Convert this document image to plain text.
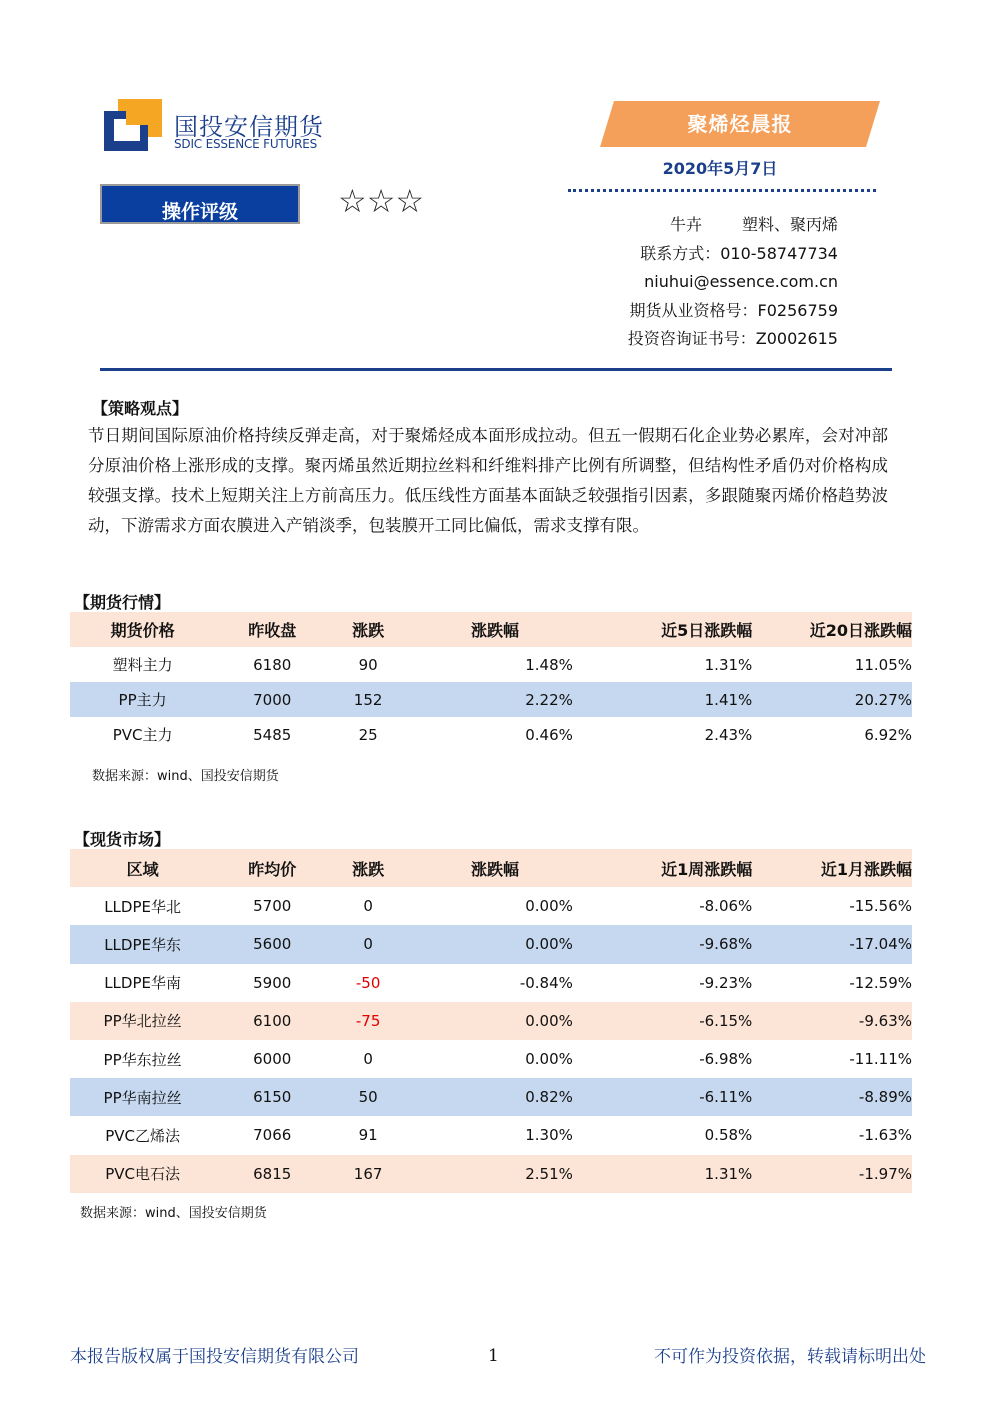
国投安信期货
SDIC ESSENCE FUTURES
聚烯烃晨报
2020年5月7日
操作评级	☆☆☆
牛卉	塑料、聚丙烯
联系方式：010-58747734
niuhui@essence.com.cn
期货从业资格号：F0256759
投资咨询证书号：Z0002615
【策略观点】
节日期间国际原油价格持续反弹走高，对于聚烯烃成本面形成拉动。但五一假期石化企业势必累库，会对冲部分原油价格上涨形成的支撑。聚丙烯虽然近期拉丝料和纤维料排产比例有所调整，但结构性矛盾仍对价格构成较强支撑。技术上短期关注上方前高压力。低压线性方面基本面缺乏较强指引因素，多跟随聚丙烯价格趋势波动，下游需求方面农膜进入产销淡季，包装膜开工同比偏低，需求支撑有限。
【期货行情】
期货价格	昨收盘	涨跌	涨跌幅	近5日涨跌幅	近20日涨跌幅
塑料主力	6180	90	1.48%	1.31%	11.05%
PP主力	7000	152	2.22%	1.41%	20.27%
PVC主力	5485	25	0.46%	2.43%	6.92%
数据来源：wind、国投安信期货
【现货市场】
区域	昨均价	涨跌	涨跌幅	近1周涨跌幅	近1月涨跌幅
LLDPE华北	5700	0	0.00%	-8.06%	-15.56%
LLDPE华东	5600	0	0.00%	-9.68%	-17.04%
LLDPE华南	5900	-50	-0.84%	-9.23%	-12.59%
PP华北拉丝	6100	-75	0.00%	-6.15%	-9.63%
PP华东拉丝	6000	0	0.00%	-6.98%	-11.11%
PP华南拉丝	6150	50	0.82%	-6.11%	-8.89%
PVC乙烯法	7066	91	1.30%	0.58%	-1.63%
PVC电石法	6815	167	2.51%	1.31%	-1.97%
数据来源：wind、国投安信期货
本报告版权属于国投安信期货有限公司	1	不可作为投资依据，转载请标明出处
